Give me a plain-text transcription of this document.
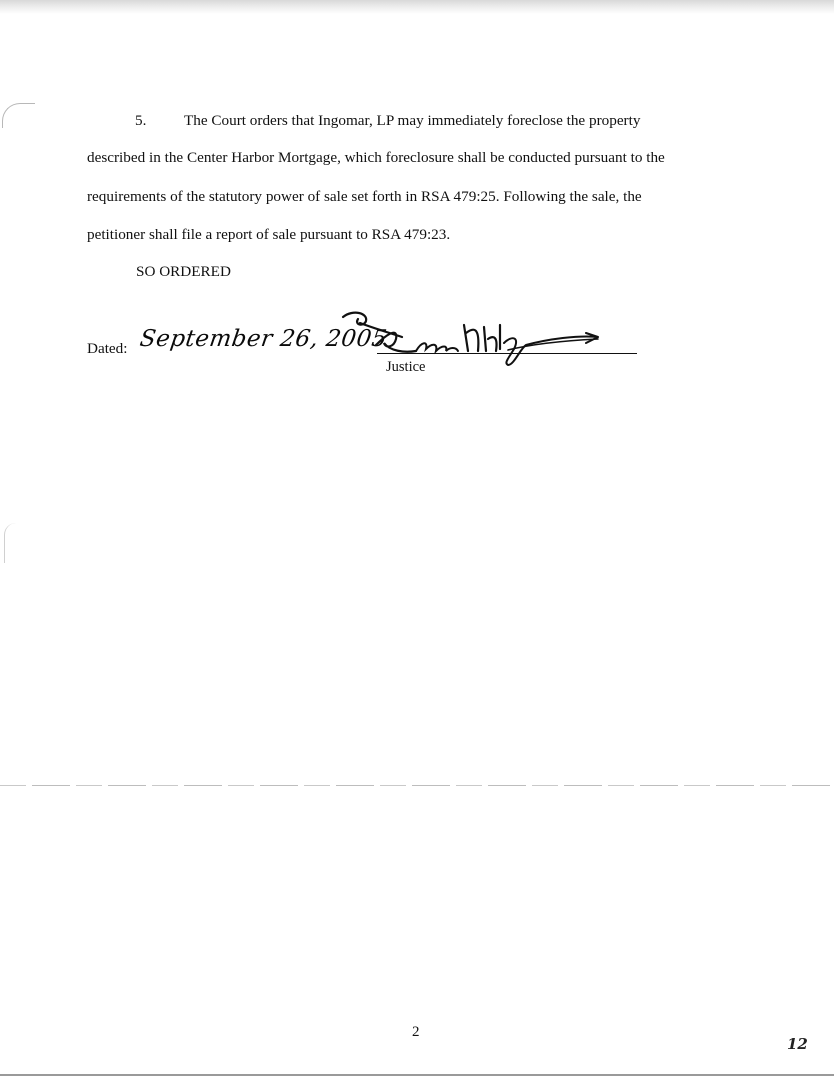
5. The Court orders that Ingomar, LP may immediately foreclose the property
described in the Center Harbor Mortgage, which foreclosure shall be conducted pursuant to the
requirements of the statutory power of sale set forth in RSA 479:25. Following the sale, the
petitioner shall file a report of sale pursuant to RSA 479:23.
SO ORDERED
Dated: September 26, 2005
Justice
2
12
